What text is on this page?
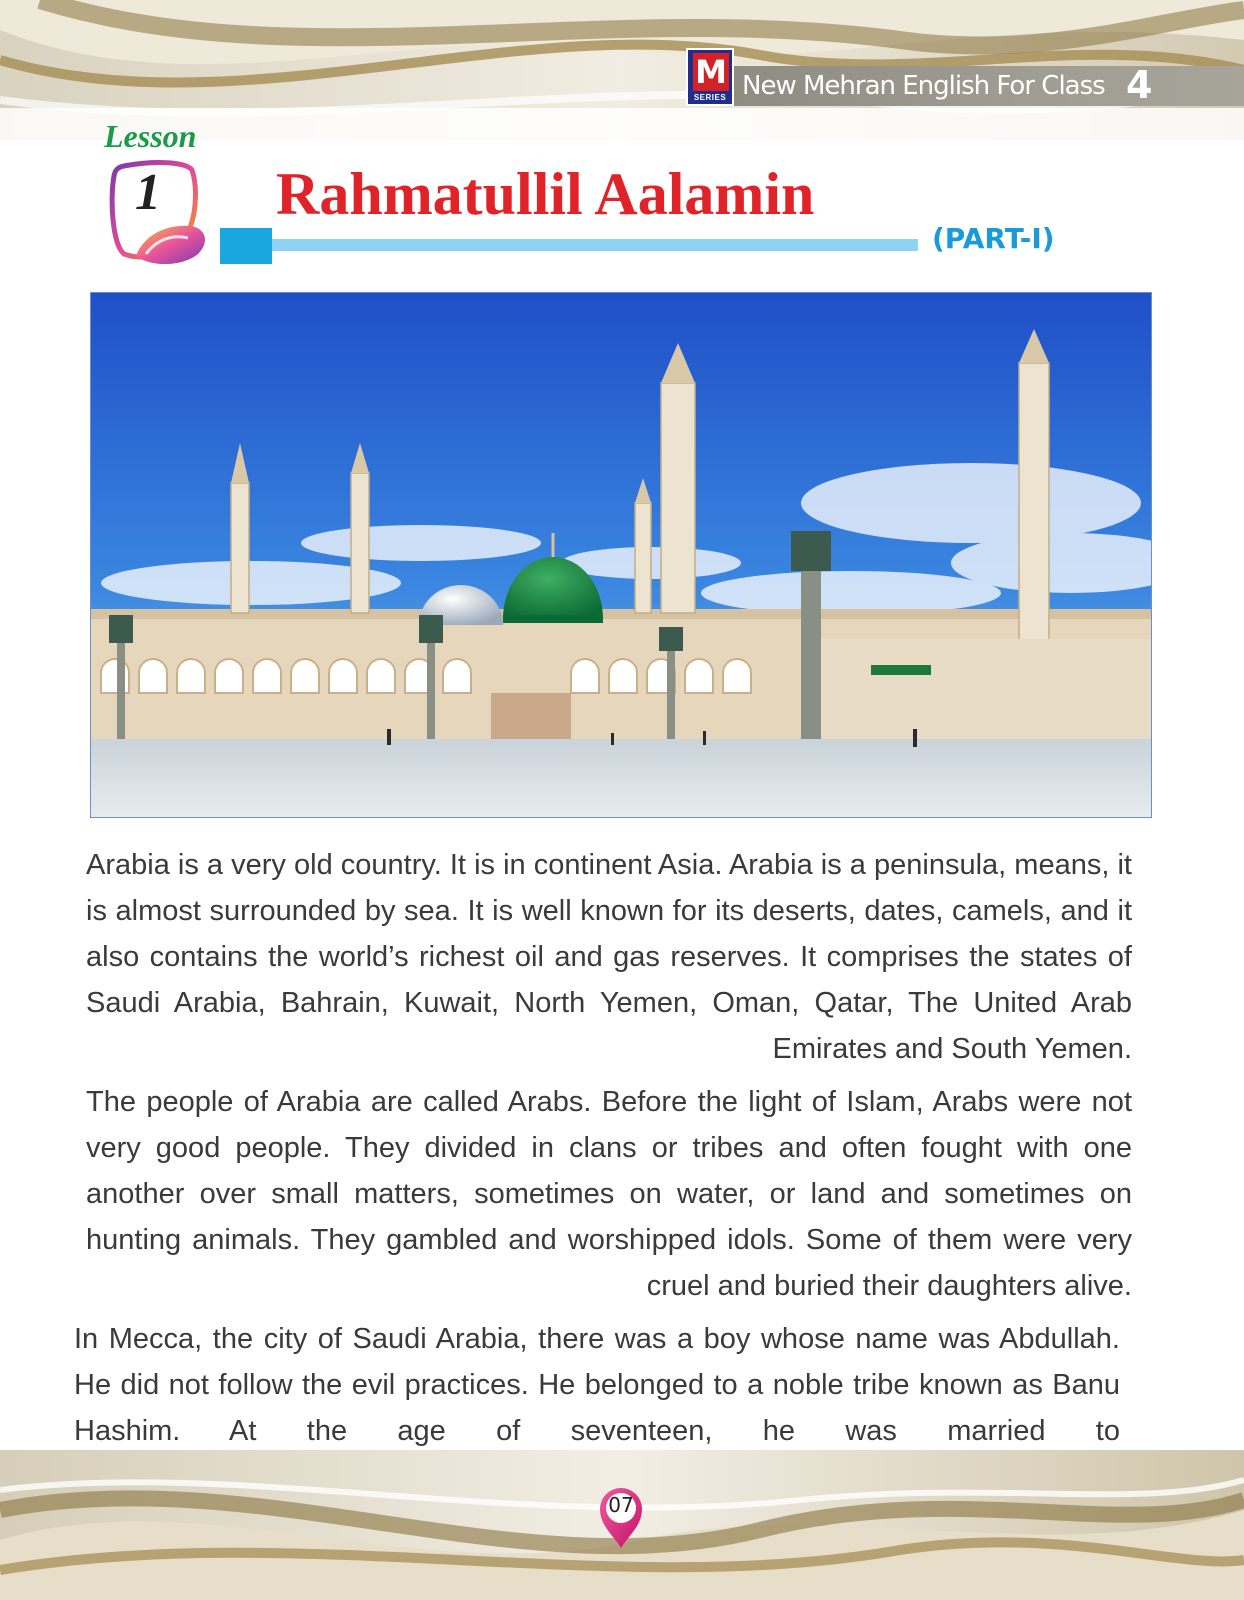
M
SERIES New Mehran English For Class 4
Lesson
1	Rahmatullil Aalamin
(PART-I)

Arabia is a very old country. It is in continent Asia. Arabia is a peninsula, means, it is almost surrounded by sea. It is well known for its deserts, dates, camels, and it also contains the world’s richest oil and gas reserves. It comprises the states of Saudi Arabia, Bahrain, Kuwait, North Yemen, Oman, Qatar, The United Arab Emirates and South Yemen.

The people of Arabia are called Arabs. Before the light of Islam, Arabs were not very good people. They divided in clans or tribes and often fought with one another over small matters, sometimes on water, or land and sometimes on hunting animals. They gambled and worshipped idols. Some of them were very cruel and buried their daughters alive.

In Mecca, the city of Saudi Arabia, there was a boy whose name was Abdullah. He did not follow the evil practices. He belonged to a noble tribe known as Banu Hashim. At the age of seventeen, he was married to

07
